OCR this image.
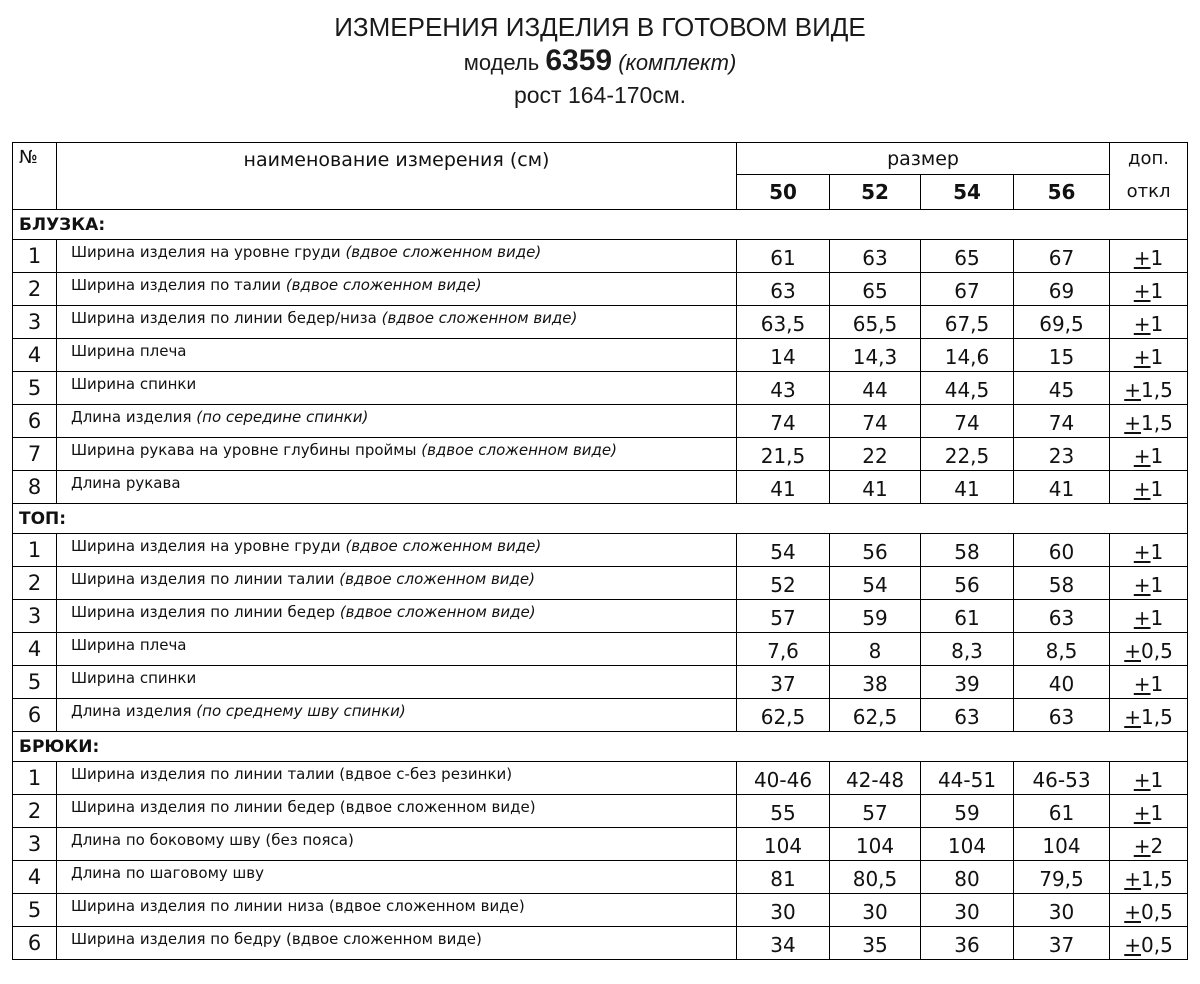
ИЗМЕРЕНИЯ ИЗДЕЛИЯ В ГОТОВОМ ВИДЕ
модель 6359 (комплект)
рост 164-170см.
№	наименование измерения (см)	размер				доп.
		50	52	54	56	откл
БЛУЗКА:						
1	Ширина изделия на уровне груди (вдвое сложенном виде)	61	63	65	67	+1
2	Ширина изделия по талии (вдвое сложенном виде)	63	65	67	69	+1
3	Ширина изделия по линии бедер/низа (вдвое сложенном виде)	63,5	65,5	67,5	69,5	+1
4	Ширина плеча	14	14,3	14,6	15	+1
5	Ширина спинки	43	44	44,5	45	+1,5
6	Длина изделия (по середине спинки)	74	74	74	74	+1,5
7	Ширина рукава на уровне глубины проймы (вдвое сложенном виде)	21,5	22	22,5	23	+1
8	Длина рукава	41	41	41	41	+1
ТОП:						
1	Ширина изделия на уровне груди (вдвое сложенном виде)	54	56	58	60	+1
2	Ширина изделия по линии талии (вдвое сложенном виде)	52	54	56	58	+1
3	Ширина изделия по линии бедер (вдвое сложенном виде)	57	59	61	63	+1
4	Ширина плеча	7,6	8	8,3	8,5	+0,5
5	Ширина спинки	37	38	39	40	+1
6	Длина изделия (по среднему шву спинки)	62,5	62,5	63	63	+1,5
БРЮКИ:						
1	Ширина изделия по линии талии (вдвое с-без резинки)	40-46	42-48	44-51	46-53	+1
2	Ширина изделия по линии бедер (вдвое сложенном виде)	55	57	59	61	+1
3	Длина по боковому шву (без пояса)	104	104	104	104	+2
4	Длина по шаговому шву	81	80,5	80	79,5	+1,5
5	Ширина изделия по линии низа (вдвое сложенном виде)	30	30	30	30	+0,5
6	Ширина изделия по бедру (вдвое сложенном виде)	34	35	36	37	+0,5
